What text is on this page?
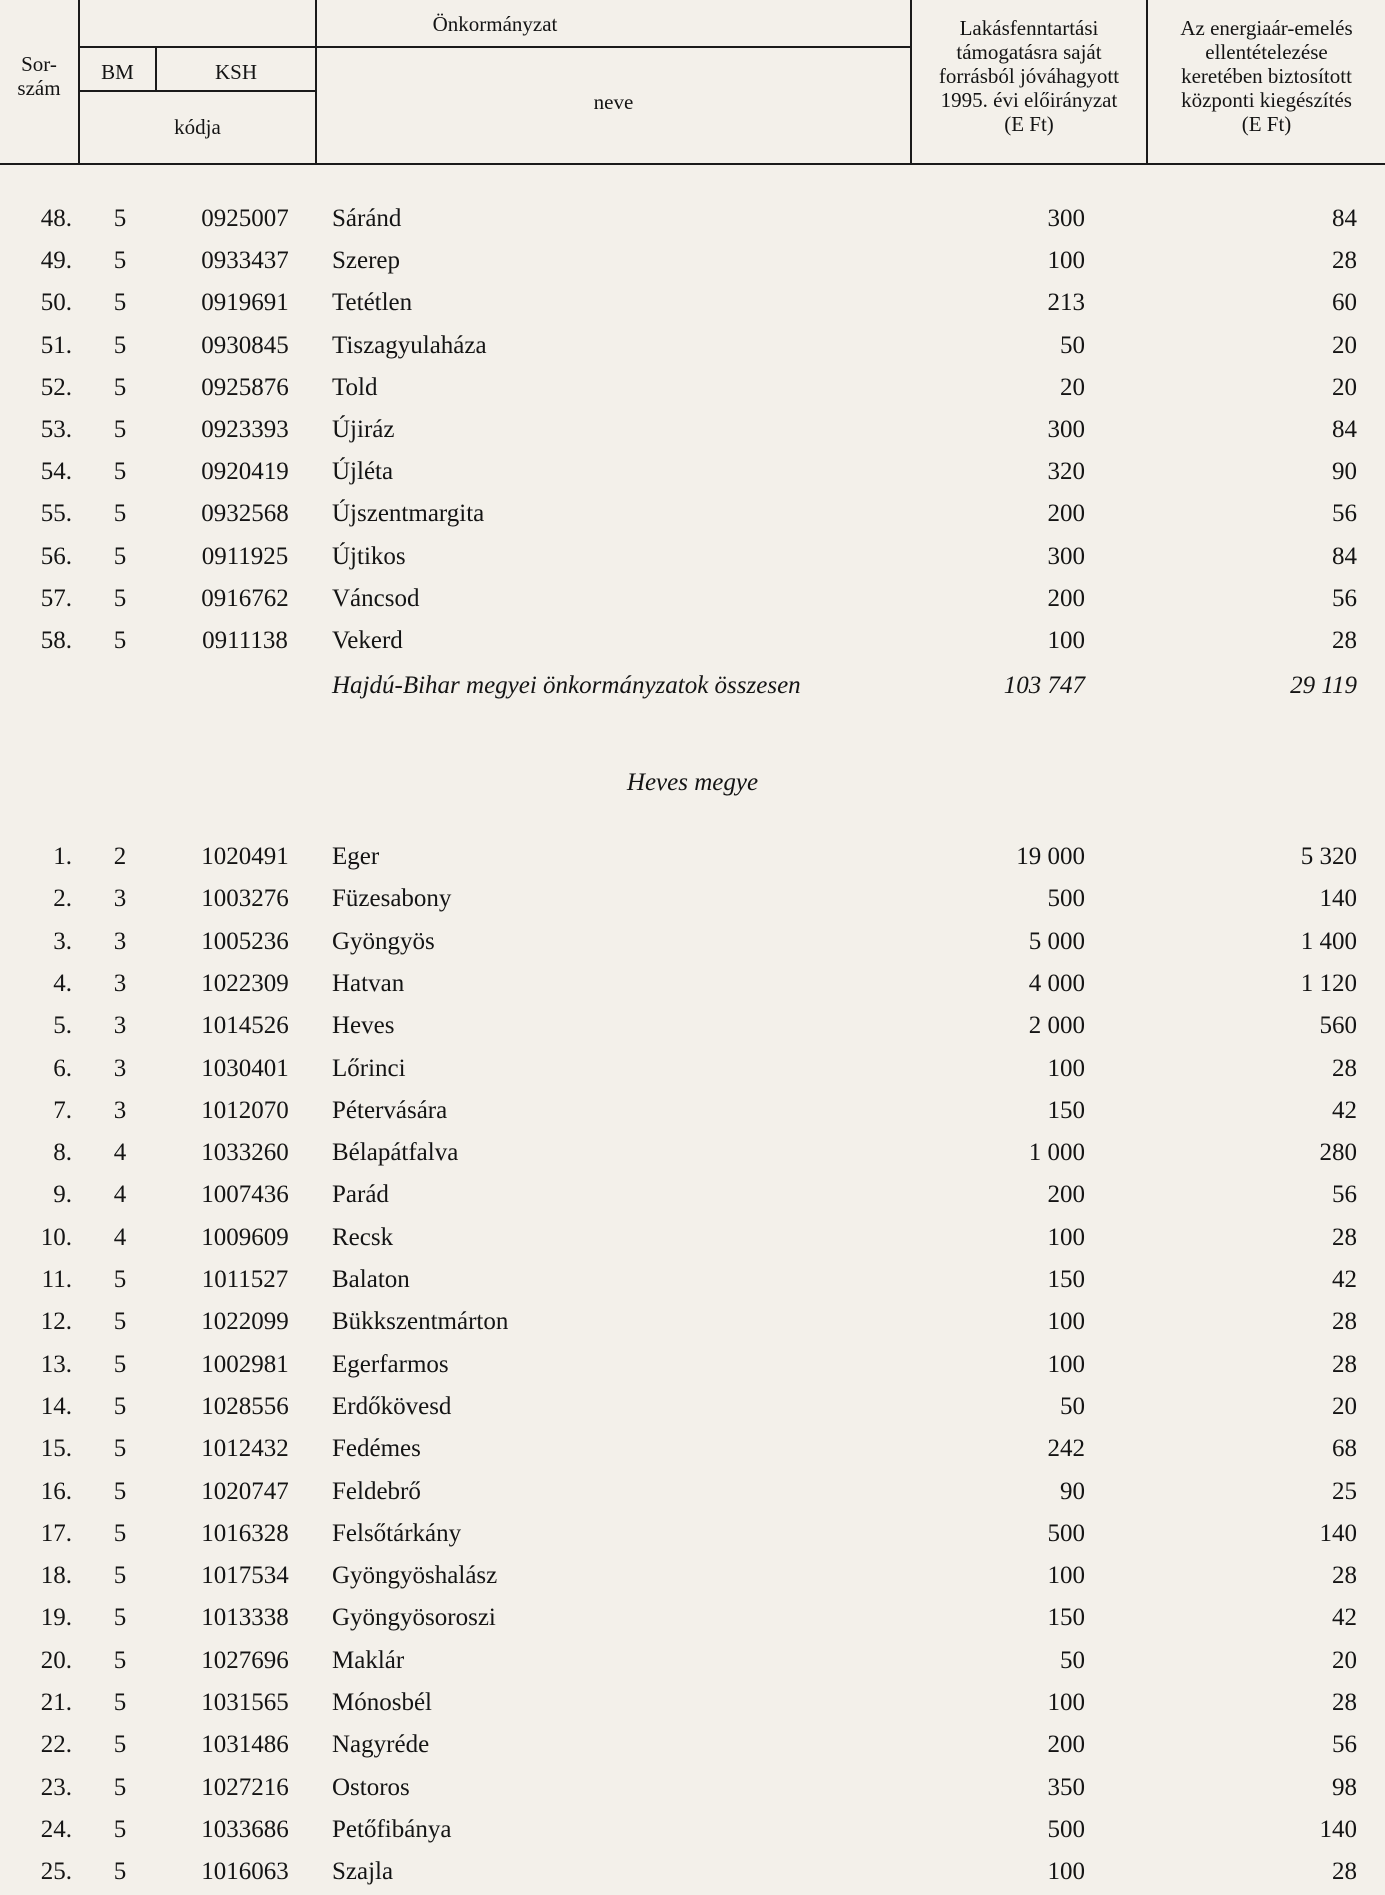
Sor-
szám
Önkormányzat
BM	KSH
kódja
neve
Lakásfenntartási
támogatásra saját
forrásból jóváhagyott
1995. évi előirányzat
(E Ft)
Az energiaár-emelés
ellentételezése
keretében biztosított
központi kiegészítés
(E Ft)
48.	5	0925007	Sáránd	300	84
49.	5	0933437	Szerep	100	28
50.	5	0919691	Tetétlen	213	60
51.	5	0930845	Tiszagyulaháza	50	20
52.	5	0925876	Told	20	20
53.	5	0923393	Újiráz	300	84
54.	5	0920419	Újléta	320	90
55.	5	0932568	Újszentmargita	200	56
56.	5	0911925	Újtikos	300	84
57.	5	0916762	Váncsod	200	56
58.	5	0911138	Vekerd	100	28
Hajdú-Bihar megyei önkormányzatok összesen	103 747	29 119
Heves megye
1.	2	1020491	Eger	19 000	5 320
2.	3	1003276	Füzesabony	500	140
3.	3	1005236	Gyöngyös	5 000	1 400
4.	3	1022309	Hatvan	4 000	1 120
5.	3	1014526	Heves	2 000	560
6.	3	1030401	Lőrinci	100	28
7.	3	1012070	Pétervására	150	42
8.	4	1033260	Bélapátfalva	1 000	280
9.	4	1007436	Parád	200	56
10.	4	1009609	Recsk	100	28
11.	5	1011527	Balaton	150	42
12.	5	1022099	Bükkszentmárton	100	28
13.	5	1002981	Egerfarmos	100	28
14.	5	1028556	Erdőkövesd	50	20
15.	5	1012432	Fedémes	242	68
16.	5	1020747	Feldebrő	90	25
17.	5	1016328	Felsőtárkány	500	140
18.	5	1017534	Gyöngyöshalász	100	28
19.	5	1013338	Gyöngyösoroszi	150	42
20.	5	1027696	Maklár	50	20
21.	5	1031565	Mónosbél	100	28
22.	5	1031486	Nagyréde	200	56
23.	5	1027216	Ostoros	350	98
24.	5	1033686	Petőfibánya	500	140
25.	5	1016063	Szajla	100	28
